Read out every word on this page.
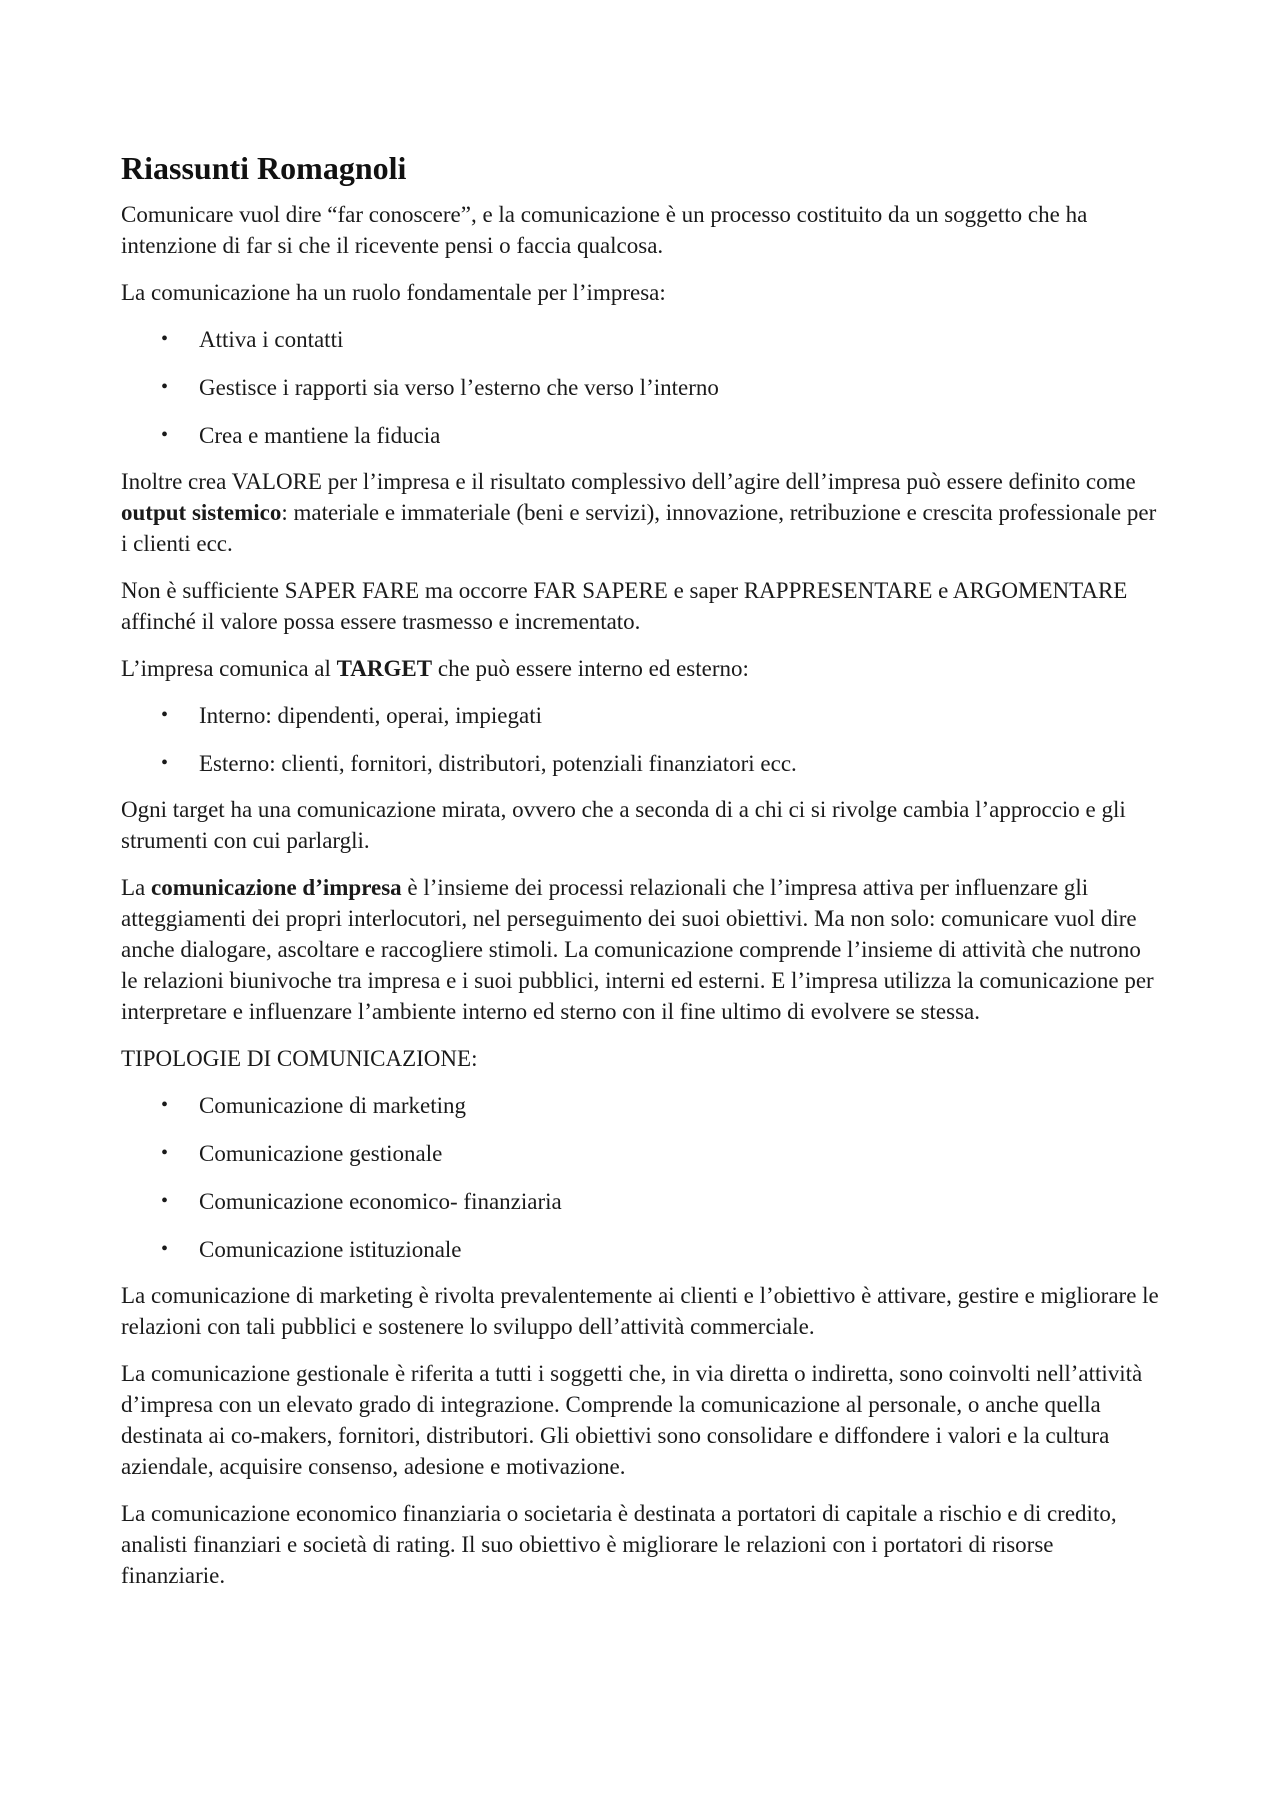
Riassunti Romagnoli

Comunicare vuol dire “far conoscere”, e la comunicazione è un processo costituito da un soggetto che ha intenzione di far si che il ricevente pensi o faccia qualcosa.

La comunicazione ha un ruolo fondamentale per l’impresa:

• Attiva i contatti
• Gestisce i rapporti sia verso l’esterno che verso l’interno
• Crea e mantiene la fiducia

Inoltre crea VALORE per l’impresa e il risultato complessivo dell’agire dell’impresa può essere definito come output sistemico: materiale e immateriale (beni e servizi), innovazione, retribuzione e crescita professionale per i clienti ecc.

Non è sufficiente SAPER FARE ma occorre FAR SAPERE e saper RAPPRESENTARE e ARGOMENTARE affinché il valore possa essere trasmesso e incrementato.

L’impresa comunica al TARGET che può essere interno ed esterno:

• Interno: dipendenti, operai, impiegati
• Esterno: clienti, fornitori, distributori, potenziali finanziatori ecc.

Ogni target ha una comunicazione mirata, ovvero che a seconda di a chi ci si rivolge cambia l’approccio e gli strumenti con cui parlargli.

La comunicazione d’impresa è l’insieme dei processi relazionali che l’impresa attiva per influenzare gli atteggiamenti dei propri interlocutori, nel perseguimento dei suoi obiettivi. Ma non solo: comunicare vuol dire anche dialogare, ascoltare e raccogliere stimoli. La comunicazione comprende l’insieme di attività che nutrono le relazioni biunivoche tra impresa e i suoi pubblici, interni ed esterni. E l’impresa utilizza la comunicazione per interpretare e influenzare l’ambiente interno ed sterno con il fine ultimo di evolvere se stessa.

TIPOLOGIE DI COMUNICAZIONE:

• Comunicazione di marketing
• Comunicazione gestionale
• Comunicazione economico- finanziaria
• Comunicazione istituzionale

La comunicazione di marketing è rivolta prevalentemente ai clienti e l’obiettivo è attivare, gestire e migliorare le relazioni con tali pubblici e sostenere lo sviluppo dell’attività commerciale.

La comunicazione gestionale è riferita a tutti i soggetti che, in via diretta o indiretta, sono coinvolti nell’attività d’impresa con un elevato grado di integrazione. Comprende la comunicazione al personale, o anche quella destinata ai co-makers, fornitori, distributori. Gli obiettivi sono consolidare e diffondere i valori e la cultura aziendale, acquisire consenso, adesione e motivazione.

La comunicazione economico finanziaria o societaria è destinata a portatori di capitale a rischio e di credito, analisti finanziari e società di rating. Il suo obiettivo è migliorare le relazioni con i portatori di risorse finanziarie.
